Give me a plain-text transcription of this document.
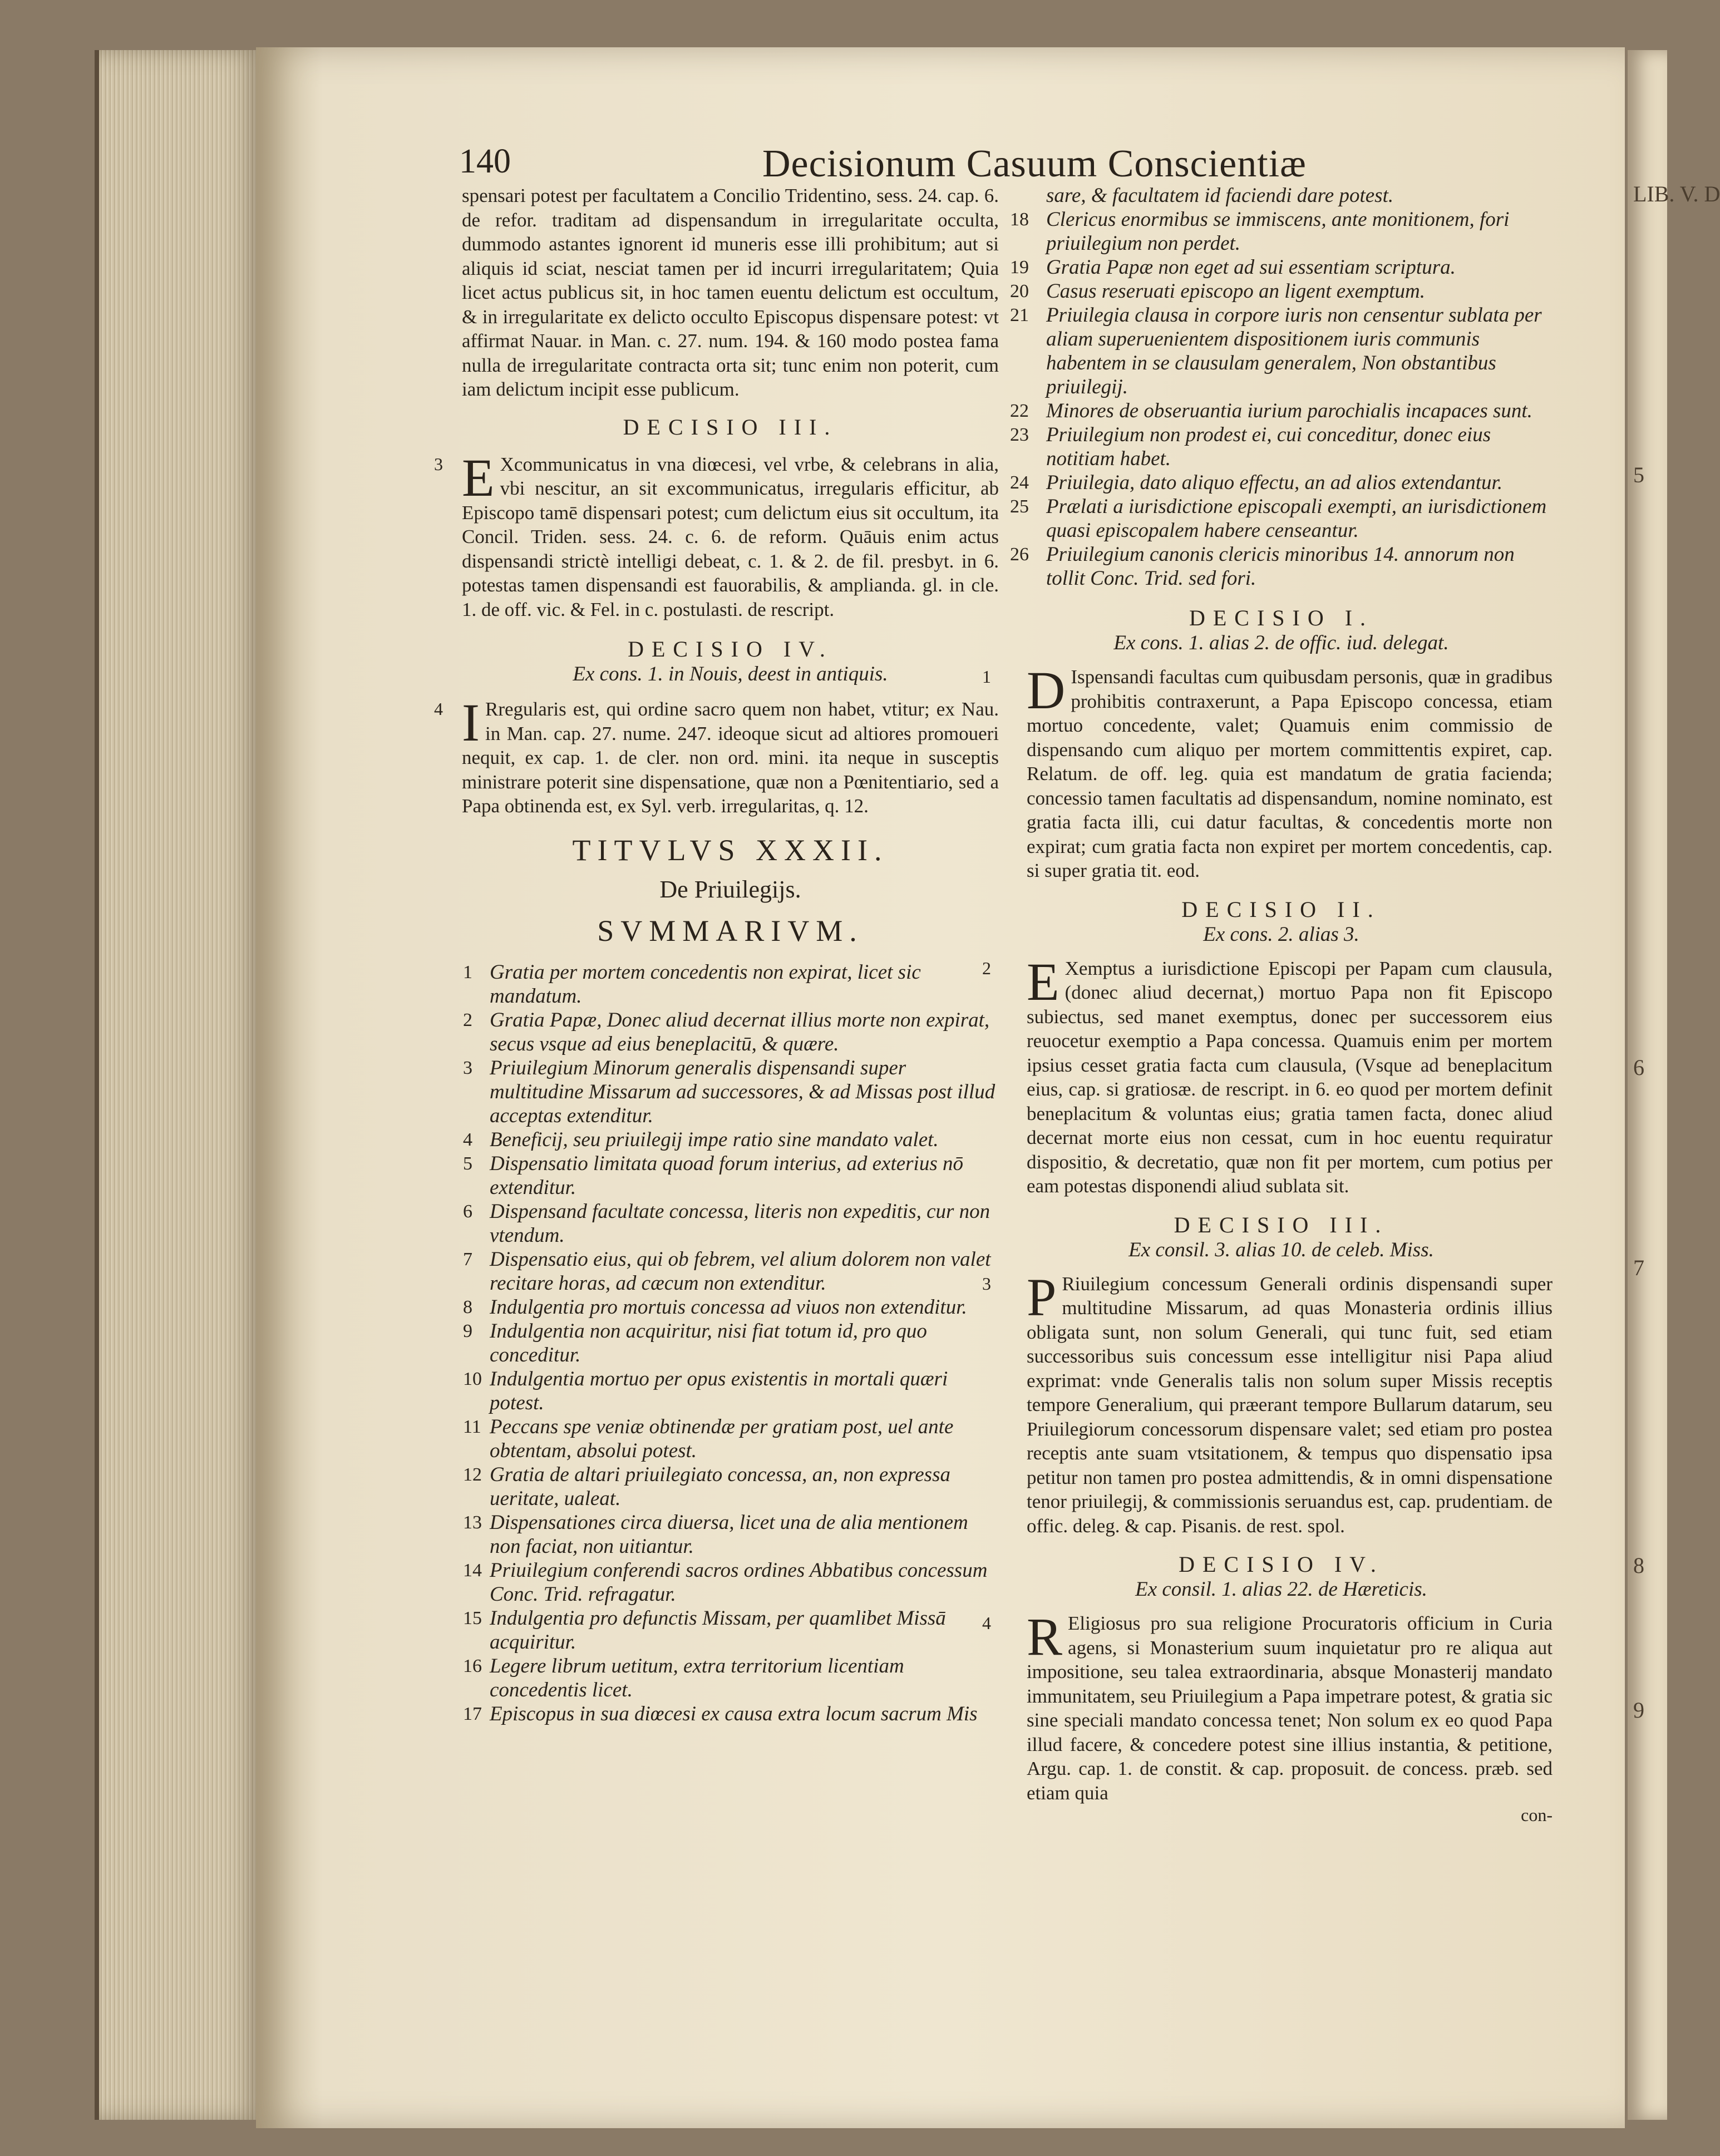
LIB. V. D
5
6
7
8
9
140	Decisionum Casuum Conscientiæ

spensari potest per facultatem a Concilio Tridentino, sess. 24. cap. 6. de refor. traditam ad dispensandum in irregularitate occulta, dummodo astantes ignorent id muneris esse illi prohibitum; aut si aliquis id sciat, nesciat tamen per id incurri irregularitatem; Quia licet actus publicus sit, in hoc tamen euentu delictum est occultum, & in irregularitate ex delicto occulto Episcopus dispensare potest: vt affirmat Nauar. in Man. c. 27. num. 194. & 160 modo postea fama nulla de irregularitate contracta orta sit; tunc enim non poterit, cum iam delictum incipit esse publicum.

DECISIO III.

3 E Xcommunicatus in vna diœcesi, vel vrbe, & celebrans in alia, vbi nescitur, an sit excommunicatus, irregularis efficitur, ab Episcopo tamē dispensari potest; cum delictum eius sit occultum, ita Concil. Triden. sess. 24. c. 6. de reform. Quāuis enim actus dispensandi strictè intelligi debeat, c. 1. & 2. de fil. presbyt. in 6. potestas tamen dispensandi est fauorabilis, & amplianda. gl. in cle. 1. de off. vic. & Fel. in c. postulasti. de rescript.

DECISIO IV.

Ex cons. 1. in Nouis, deest in antiquis.

4 I Rregularis est, qui ordine sacro quem non habet, vtitur; ex Nau. in Man. cap. 27. nume. 247. ideoque sicut ad altiores promoueri nequit, ex cap. 1. de cler. non ord. mini. ita neque in susceptis ministrare poterit sine dispensatione, quæ non a Pœnitentiario, sed a Papa obtinenda est, ex Syl. verb. irregularitas, q. 12.

TITVLVS XXXII.

De Priuilegijs.

SVMMARIVM.

1 Gratia per mortem concedentis non expirat, licet sic mandatum.
2 Gratia Papæ, Donec aliud decernat illius morte non expirat, secus vsque ad eius beneplacitū, & quære.
3 Priuilegium Minorum generalis dispensandi super multitudine Missarum ad successores, & ad Missas post illud acceptas extenditur.
4 Beneficij, seu priuilegij impe ratio sine mandato valet.
5 Dispensatio limitata quoad forum interius, ad exterius nō extenditur.
6 Dispensand facultate concessa, literis non expeditis, cur non vtendum.
7 Dispensatio eius, qui ob febrem, vel alium dolorem non valet recitare horas, ad cæcum non extenditur.
8 Indulgentia pro mortuis concessa ad viuos non extenditur.
9 Indulgentia non acquiritur, nisi fiat totum id, pro quo conceditur.
10 Indulgentia mortuo per opus existentis in mortali quæri potest.
11 Peccans spe veniæ obtinendæ per gratiam post, uel ante obtentam, absolui potest.
12 Gratia de altari priuilegiato concessa, an, non expressa ueritate, ualeat.
13 Dispensationes circa diuersa, licet una de alia mentionem non faciat, non uitiantur.
14 Priuilegium conferendi sacros ordines Abbatibus concessum Conc. Trid. refragatur.
15 Indulgentia pro defunctis Missam, per quamlibet Missā acquiritur.
16 Legere librum uetitum, extra territorium licentiam concedentis licet.
17 Episcopus in sua diœcesi ex causa extra locum sacrum Mis
sare, & facultatem id faciendi dare potest.
18 Clericus enormibus se immiscens, ante monitionem, fori priuilegium non perdet.
19 Gratia Papæ non eget ad sui essentiam scriptura.
20 Casus reseruati episcopo an ligent exemptum.
21 Priuilegia clausa in corpore iuris non censentur sublata per aliam superuenientem dispositionem iuris communis habentem in se clausulam generalem, Non obstantibus priuilegij.
22 Minores de obseruantia iurium parochialis incapaces sunt.
23 Priuilegium non prodest ei, cui conceditur, donec eius notitiam habet.
24 Priuilegia, dato aliquo effectu, an ad alios extendantur.
25 Prælati a iurisdictione episcopali exempti, an iurisdictionem quasi episcopalem habere censeantur.
26 Priuilegium canonis clericis minoribus 14. annorum non tollit Conc. Trid. sed fori.

DECISIO I.

Ex cons. 1. alias 2. de offic. iud. delegat.

1 D Ispensandi facultas cum quibusdam personis, quæ in gradibus prohibitis contraxerunt, a Papa Episcopo concessa, etiam mortuo concedente, valet; Quamuis enim commissio de dispensando cum aliquo per mortem committentis expiret, cap. Relatum. de off. leg. quia est mandatum de gratia facienda; concessio tamen facultatis ad dispensandum, nomine nominato, est gratia facta illi, cui datur facultas, & concedentis morte non expirat; cum gratia facta non expiret per mortem concedentis, cap. si super gratia tit. eod.

DECISIO II.

Ex cons. 2. alias 3.

2 E Xemptus a iurisdictione Episcopi per Papam cum clausula, (donec aliud decernat,) mortuo Papa non fit Episcopo subiectus, sed manet exemptus, donec per successorem eius reuocetur exemptio a Papa concessa. Quamuis enim per mortem ipsius cesset gratia facta cum clausula, (Vsque ad beneplacitum eius, cap. si gratiosæ. de rescript. in 6. eo quod per mortem definit beneplacitum & voluntas eius; gratia tamen facta, donec aliud decernat morte eius non cessat, cum in hoc euentu requiratur dispositio, & decretatio, quæ non fit per mortem, cum potius per eam potestas disponendi aliud sublata sit.

DECISIO III.

Ex consil. 3. alias 10. de celeb. Miss.

3 P Riuilegium concessum Generali ordinis dispensandi super multitudine Missarum, ad quas Monasteria ordinis illius obligata sunt, non solum Generali, qui tunc fuit, sed etiam successoribus suis concessum esse intelligitur nisi Papa aliud exprimat: vnde Generalis talis non solum super Missis receptis tempore Generalium, qui præerant tempore Bullarum datarum, seu Priuilegiorum concessorum dispensare valet; sed etiam pro postea receptis ante suam vtsitationem, & tempus quo dispensatio ipsa petitur non tamen pro postea admittendis, & in omni dispensatione tenor priuilegij, & commissionis seruandus est, cap. prudentiam. de offic. deleg. & cap. Pisanis. de rest. spol.

DECISIO IV.

Ex consil. 1. alias 22. de Hæreticis.

4 R Eligiosus pro sua religione Procuratoris officium in Curia agens, si Monasterium suum inquietatur pro re aliqua aut impositione, seu talea extraordinaria, absque Monasterij mandato immunitatem, seu Priuilegium a Papa impetrare potest, & gratia sic sine speciali mandato concessa tenet; Non solum ex eo quod Papa illud facere, & concedere potest sine illius instantia, & petitione, Argu. cap. 1. de constit. & cap. proposuit. de concess. præb. sed etiam quia

con-
